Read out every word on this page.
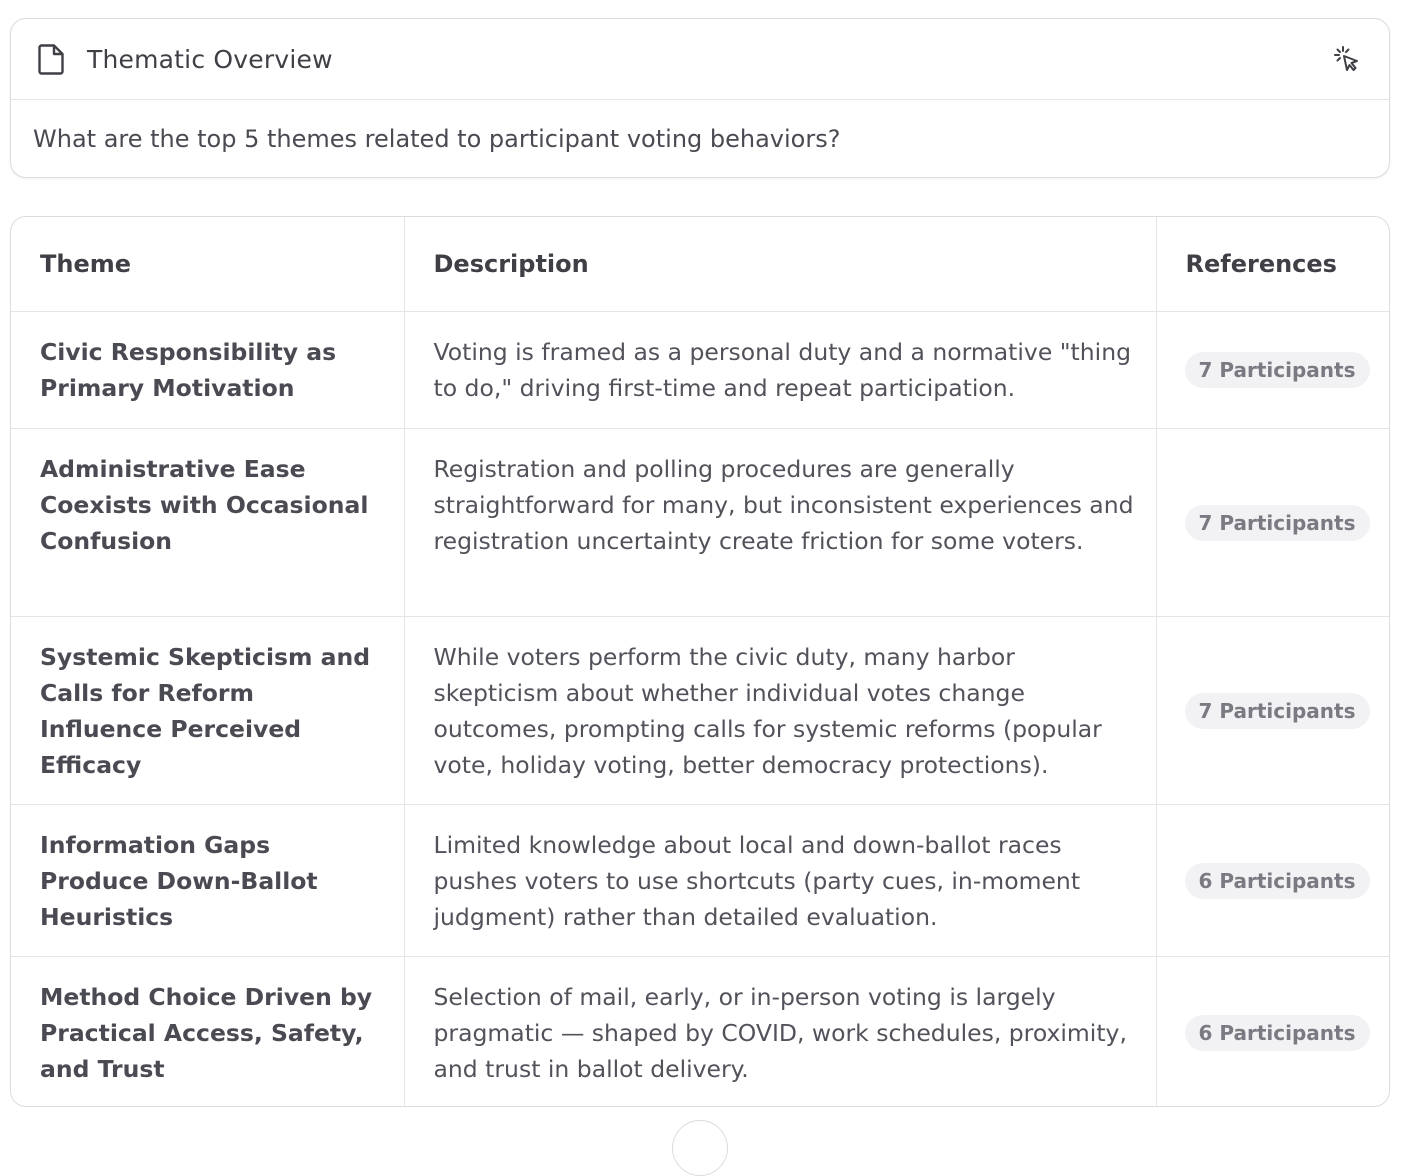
Thematic Overview
What are the top 5 themes related to participant voting behaviors?
Theme	Description	References
Civic Responsibility as Primary Motivation	Voting is framed as a personal duty and a normative "thing to do," driving first-time and repeat participation.	7 Participants
Administrative Ease Coexists with Occasional Confusion	Registration and polling procedures are generally straightforward for many, but inconsistent experiences and registration uncertainty create friction for some voters.	7 Participants
Systemic Skepticism and Calls for Reform Influence Perceived Efficacy	While voters perform the civic duty, many harbor skepticism about whether individual votes change outcomes, prompting calls for systemic reforms (popular vote, holiday voting, better democracy protections).	7 Participants
Information Gaps Produce Down-Ballot Heuristics	Limited knowledge about local and down-ballot races pushes voters to use shortcuts (party cues, in-moment judgment) rather than detailed evaluation.	6 Participants
Method Choice Driven by Practical Access, Safety, and Trust	Selection of mail, early, or in-person voting is largely pragmatic — shaped by COVID, work schedules, proximity, and trust in ballot delivery.	6 Participants
